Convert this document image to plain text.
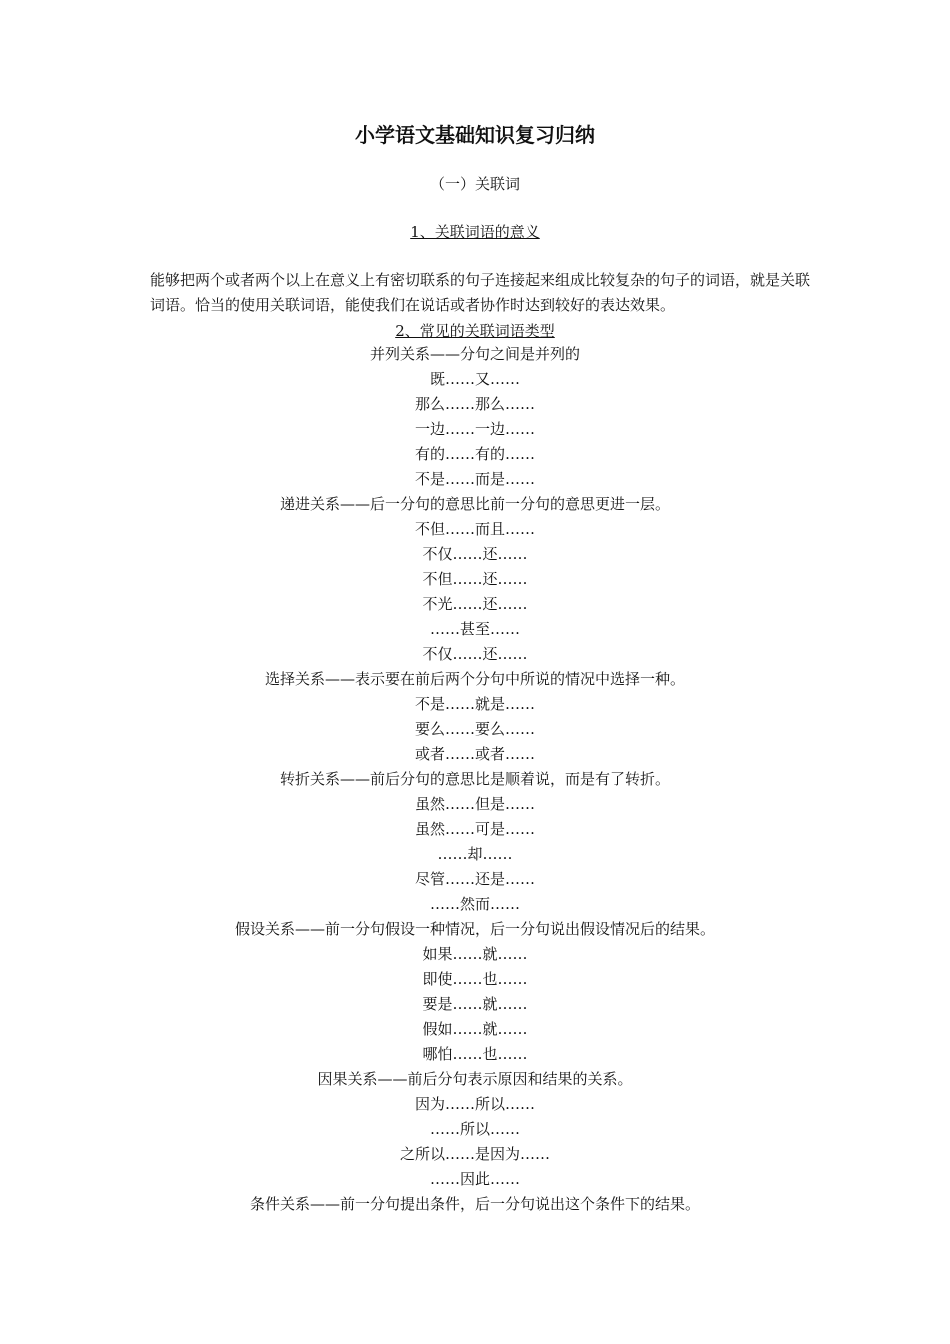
小学语文基础知识复习归纳
（一）关联词
1、关联词语的意义
能够把两个或者两个以上在意义上有密切联系的句子连接起来组成比较复杂的句子的词语，就是关联词语。恰当的使用关联词语，能使我们在说话或者协作时达到较好的表达效果。
2、常见的关联词语类型
并列关系——分句之间是并列的
既……又……
那么……那么……
一边……一边……
有的……有的……
不是……而是……
递进关系——后一分句的意思比前一分句的意思更进一层。
不但……而且……
不仅……还……
不但……还……
不光……还……
……甚至……
不仅……还……
选择关系——表示要在前后两个分句中所说的情况中选择一种。
不是……就是……
要么……要么……
或者……或者……
转折关系——前后分句的意思比是顺着说，而是有了转折。
虽然……但是……
虽然……可是……
……却……
尽管……还是……
……然而……
假设关系——前一分句假设一种情况，后一分句说出假设情况后的结果。
如果……就……
即使……也……
要是……就……
假如……就……
哪怕……也……
因果关系——前后分句表示原因和结果的关系。
因为……所以……
……所以……
之所以……是因为……
……因此……
条件关系——前一分句提出条件，后一分句说出这个条件下的结果。
